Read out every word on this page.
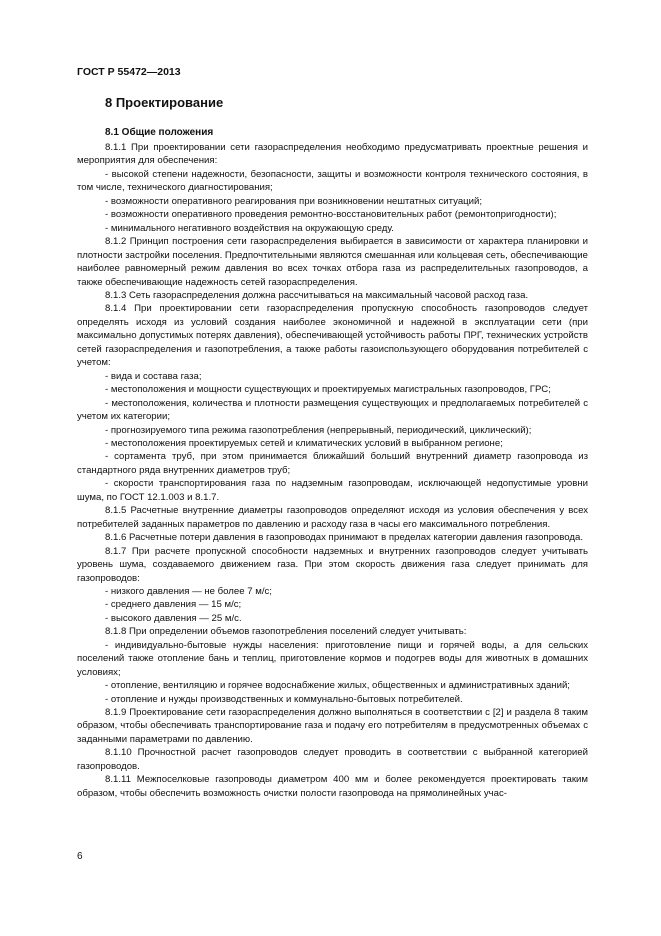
ГОСТ Р 55472—2013
8 Проектирование
8.1 Общие положения

8.1.1 При проектировании сети газораспределения необходимо предусматривать проектные решения и мероприятия для обеспечения:

- высокой степени надежности, безопасности, защиты и возможности контроля технического состояния, в том числе, технического диагностирования;

- возможности оперативного реагирования при возникновении нештатных ситуаций;

- возможности оперативного проведения ремонтно-восстановительных работ (ремонтопригодности);

- минимального негативного воздействия на окружающую среду.

8.1.2 Принцип построения сети газораспределения выбирается в зависимости от характера планировки и плотности застройки поселения. Предпочтительными являются смешанная или кольцевая сеть, обеспечивающие наиболее равномерный режим давления во всех точках отбора газа из распределительных газопроводов, а также обеспечивающие надежность сетей газораспределения.

8.1.3 Сеть газораспределения должна рассчитываться на максимальный часовой расход газа.

8.1.4 При проектировании сети газораспределения пропускную способность газопроводов следует определять исходя из условий создания наиболее экономичной и надежной в эксплуатации сети (при максимально допустимых потерях давления), обеспечивающей устойчивость работы ПРГ, технических устройств сетей газораспределения и газопотребления, а также работы газоиспользующего оборудования потребителей с учетом:

- вида и состава газа;

- местоположения и мощности существующих и проектируемых магистральных газопроводов, ГРС;

- местоположения, количества и плотности размещения существующих и предполагаемых потребителей с учетом их категории;

- прогнозируемого типа режима газопотребления (непрерывный, периодический, циклический);

- местоположения проектируемых сетей и климатических условий в выбранном регионе;

- сортамента труб, при этом принимается ближайший больший внутренний диаметр газопровода из стандартного ряда внутренних диаметров труб;

- скорости транспортирования газа по надземным газопроводам, исключающей недопустимые уровни шума, по ГОСТ 12.1.003 и 8.1.7.

8.1.5 Расчетные внутренние диаметры газопроводов определяют исходя из условия обеспечения у всех потребителей заданных параметров по давлению и расходу газа в часы его максимального потребления.

8.1.6 Расчетные потери давления в газопроводах принимают в пределах категории давления газопровода.

8.1.7 При расчете пропускной способности надземных и внутренних газопроводов следует учитывать уровень шума, создаваемого движением газа. При этом скорость движения газа следует принимать для газопроводов:

- низкого давления — не более 7 м/с;

- среднего давления — 15 м/с;

- высокого давления — 25 м/с.

8.1.8 При определении объемов газопотребления поселений следует учитывать:

- индивидуально-бытовые нужды населения: приготовление пищи и горячей воды, а для сельских поселений также отопление бань и теплиц, приготовление кормов и подогрев воды для животных в домашних условиях;

- отопление, вентиляцию и горячее водоснабжение жилых, общественных и административных зданий;

- отопление и нужды производственных и коммунально-бытовых потребителей.

8.1.9 Проектирование сети газораспределения должно выполняться в соответствии с [2] и раздела 8 таким образом, чтобы обеспечивать транспортирование газа и подачу его потребителям в предусмотренных объемах с заданными параметрами по давлению.

8.1.10 Прочностной расчет газопроводов следует проводить в соответствии с выбранной категорией газопроводов.

8.1.11 Межпоселковые газопроводы диаметром 400 мм и более рекомендуется проектировать таким образом, чтобы обеспечить возможность очистки полости газопровода на прямолинейных учас-

6
